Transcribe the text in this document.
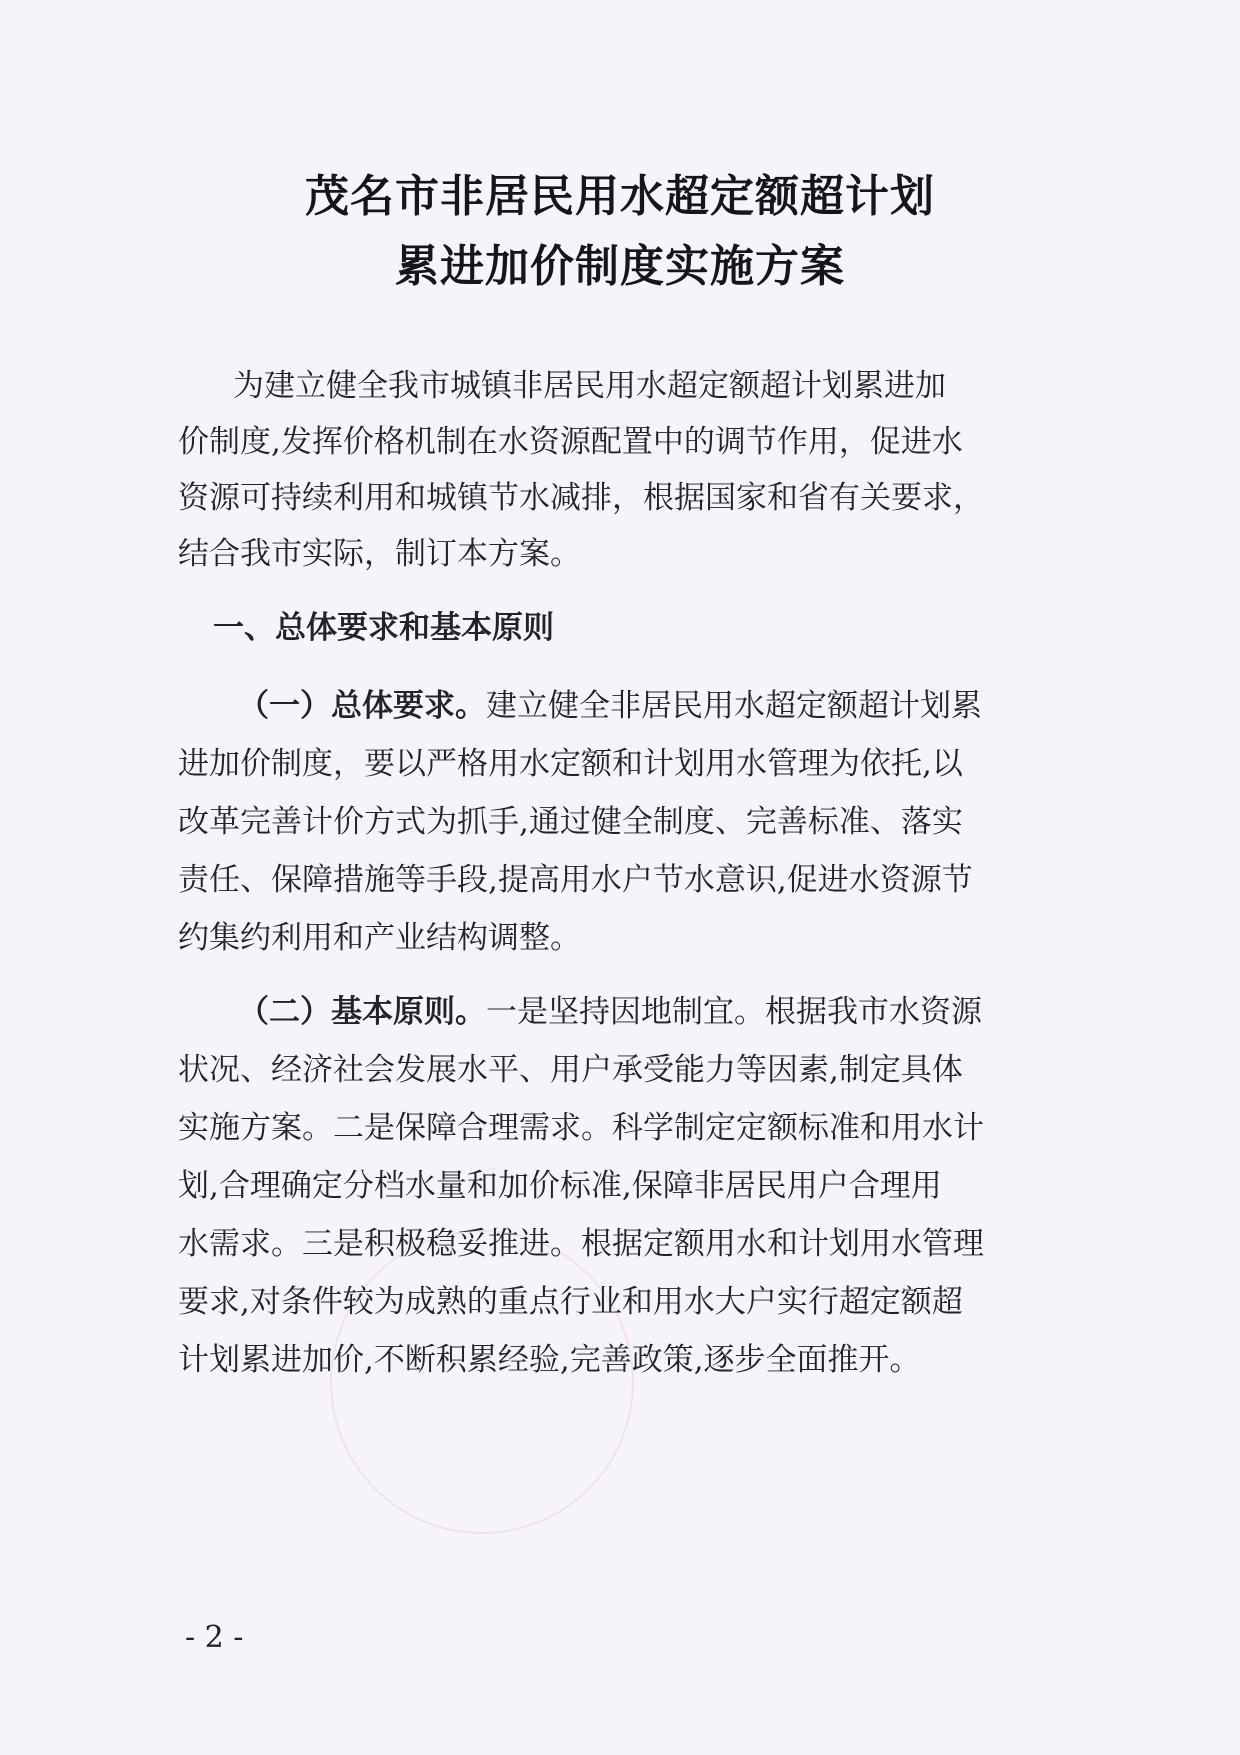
茂名市非居民用水超定额超计划
累进加价制度实施方案
为建立健全我市城镇非居民用水超定额超计划累进加
价制度,发挥价格机制在水资源配置中的调节作用，促进水
资源可持续利用和城镇节水减排，根据国家和省有关要求，
结合我市实际，制订本方案。
一、总体要求和基本原则
（一）总体要求。建立健全非居民用水超定额超计划累
进加价制度，要以严格用水定额和计划用水管理为依托,以
改革完善计价方式为抓手,通过健全制度、完善标准、落实
责任、保障措施等手段,提高用水户节水意识,促进水资源节
约集约利用和产业结构调整。
（二）基本原则。一是坚持因地制宜。根据我市水资源
状况、经济社会发展水平、用户承受能力等因素,制定具体
实施方案。二是保障合理需求。科学制定定额标准和用水计
划,合理确定分档水量和加价标准,保障非居民用户合理用
水需求。三是积极稳妥推进。根据定额用水和计划用水管理
要求,对条件较为成熟的重点行业和用水大户实行超定额超
计划累进加价,不断积累经验,完善政策,逐步全面推开。
- 2 -
